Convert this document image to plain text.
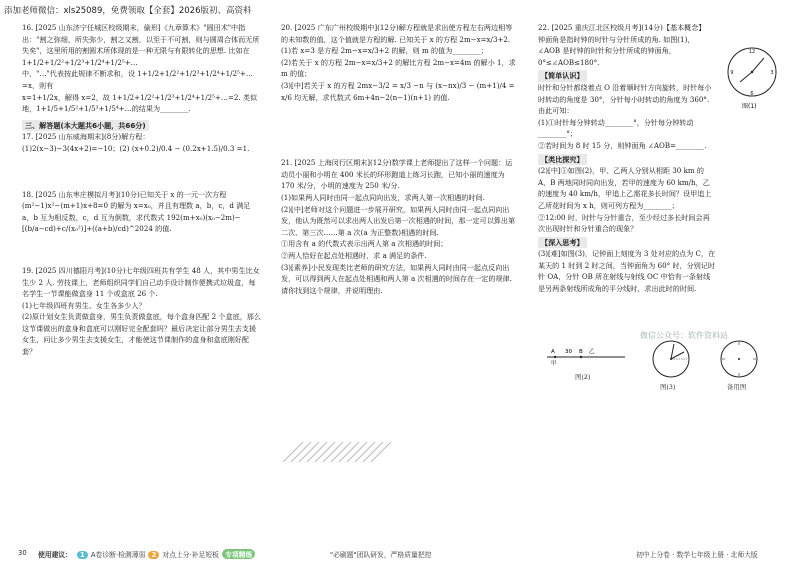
添加老师微信：xls25089，免费领取【全套】2026版初、高资料

16. [2025 山东济宁任城区校级期末，偷形]《九章算术》"圆田术"中指出："割之弥细，所失弥少，割之又割，以至于不可割，则与圆周合体而无所失矣"，这里所用的割圆术所体现的是一种无限与有限转化的思想. 比如在 1+1/2+1/2²+1/2³+1/2⁴+1/2⁵+…

中，"…"代表按此规律不断求和，设 1+1/2+1/2²+1/2³+1/2⁴+1/2⁵+…=x，则有

x=1+1/2x，解得 x=2，故 1+1/2+1/2²+1/2³+1/2⁴+1/2⁵+…=2. 类似地，1+1/5+1/5²+1/5³+1/5⁴+…的结果为________.

三、解答题(本大题共6小题，共66分)

17. [2025 山东威海期末](8分)解方程：

(1)2(x−3)−3(4x+2)=−10；(2) (x+0.2)/0.4 − (0.2x+1.5)/0.3 =1.

18. [2025 山东枣庄模拟月考](10分)已知关于 x 的一元一次方程(m²−1)x²−(m+1)x+8=0 的解为 x=x₀，并且有理数 a，b，c，d 满足 a，b 互为相反数，c，d 互为倒数，求代数式 192(m+x₀)(x₀−2m)−[(b/a−cd)+c/(x₀²)]+((a+b)/cd)^2024 的值.

19. [2025 四川德阳月考](10分)七年级四班共有学生 48 人，其中男生比女生少 2 人. 劳技课上，老师组织同学们自己动手设计制作便携式垃圾盒，每名学生一节课能做盒身 11 个或盒底 26 个.

(1)七年级四班有男生、女生各多少人？

(2)原计划女生负责做盒身，男生负责做盒底，每个盒身匹配 2 个盒底，那么这节课做出的盒身和盒底可以刚好完全配套吗？最后决定让部分男生去支援女生，问让多少男生去支援女生，才能使这节课制作的盒身和盒底刚好配套？

20. [2025 广东广州校级期中](12分)解方程就是求出使方程左右两边相等的未知数的值，这个值就是方程的解. 已知关于 x 的方程 2m−x=x/3+2.

(1)若 x=3 是方程 2m−x=x/3+2 的解，则 m 的值为________；

(2)若关于 x 的方程 2m−x=x/3+2 的解比方程 2m−x=4m 的解小 1，求 m 的值；

(3)[中]若关于 x 的方程 2mx−3/2 = x/3 −n 与 (x−nx)/3 − (m+1)/4 = x/6 均无解，求代数式 6m+4n−2(n−1)(n+1) 的值.

21. [2025 上海闵行区期末](12分)数学课上老师提出了这样一个问题：运动员小丽和小明在 400 米长的环形跑道上练习长跑，已知小丽的速度为 170 米/分，小明的速度为 250 米/分.

(1)如果两人同时由同一起点同向出发，求两人第一次相遇的时间.

(2)[中]老师对这个问题进一步展开研究，如果两人同时由同一起点同向出发，他认为既然可以求出两人出发后第一次相遇的时间，那一定可以算出第二次、第三次……第 a 次(a 为正整数)相遇的时间.

①用含有 a 的代数式表示出两人第 a 次相遇的时间；

②两人恰好在起点处相遇时，求 a 满足的条件.

(3)[素养]小民发现类比老师的研究方法，如果两人同时由同一起点反向出发，可以得到两人在起点处相遇和两人第 a 次相遇的时间存在一定的规律. 请你找到这个规律，并说明理由.

22. [2025 重庆江北区校级月考](14分)【基本概念】

钟面角是指时钟的时针与分针所成的角. 如图(1)，∠AOB 是时钟的时针和分针所成的钟面角，0°≤∠AOB≤180°.

【简单认识】

时针和分针都绕着点 O 沿着顺时针方向旋转，时针每小时转动的角度是 30°，分针每小时转动的角度为 360°. 由此可知：

(1)①时针每分钟转动________°，分针每分钟转动________°；

②若时间为 8 时 15 分，则钟面角 ∠AOB=________.

【类比探究】

(2)[中]①如图(2)，甲、乙两人分别从相距 30 km 的 A，B 两地同时同向出发，若甲的速度为 60 km/h，乙的速度为 40 km/h，甲追上乙需花多长时间？设甲追上乙所花时间为 x h，则可列方程为________；

②12:00 时，时针与分针重合，至少经过多长时间会再次出现时针和分针重合的现象？

【深入思考】

(3)[难]如图(3)，记钟面上刻度为 3 处对应的点为 C，在某天的 1 时到 2 时之间，当钟面角为 60° 时，分别记时针 OA，分针 OB 所在射线与射线 OC 中恰有一条射线是另两条射线所成角的平分线时，求出此时的时间.

12
3
6
9
图(1)
A 30 B 乙
甲
图(2)
图(3)	备用图
微信公众号：软件资料站
30 使用建议：	1 A卷诊断·检测薄弱 2 对点上分·补足短板 专项精练	"必刷题"团队研发，严格质量把控	初中上分卷 · 数学七年级上册 · 北师大版
